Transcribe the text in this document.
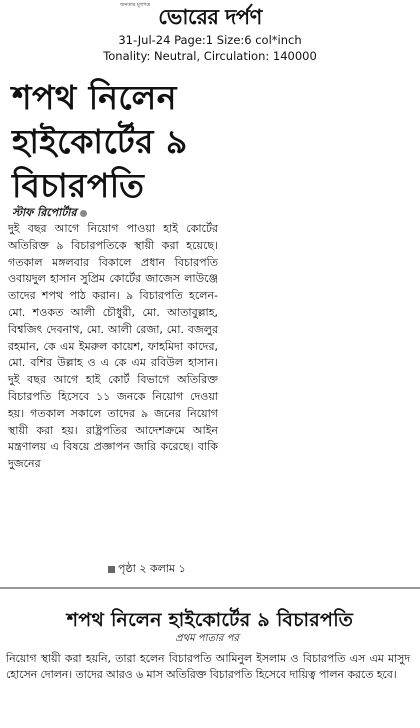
জনতার মুখপত্র ভোরের দর্পণ
31-Jul-24 Page:1 Size:6 col*inch
Tonality: Neutral, Circulation: 140000
শপথ নিলেন
হাইকোর্টের ৯
বিচারপতি
স্টাফ রিপোর্টার

দুই বছর আগে নিয়োগ পাওয়া হাই কোর্টের অতিরিক্ত ৯ বিচারপতিকে স্থায়ী করা হয়েছে। গতকাল মঙ্গলবার বিকালে প্রধান বিচারপতি ওবায়দুল হাসান সুপ্রিম কোর্টের জাজেস লাউঞ্জে তাদের শপথ পাঠ করান। ৯ বিচারপতি হলেন- মো. শওকত আলী চৌধুরী, মো. আতাবুল্লাহ, বিশ্বজিৎ দেবনাথ, মো. আলী রেজা, মো. বজলুর রহমান, কে এম ইমরুল কায়েশ, ফাহমিদা কাদের, মো. বশির উল্লাহ ও এ কে এম রবিউল হাসান। দুই বছর আগে হাই কোর্ট বিভাগে অতিরিক্ত বিচারপতি হিসেবে ১১ জনকে নিয়োগ দেওয়া হয়। গতকাল সকালে তাদের ৯ জনের নিয়োগ স্থায়ী করা হয়। রাষ্ট্রপতির আদেশক্রমে আইন মন্ত্রণালয় এ বিষয়ে প্রজ্ঞাপন জারি করেছে। বাকি দুজনের

পৃষ্ঠা ২ কলাম ১
শপথ নিলেন হাইকোর্টের ৯ বিচারপতি
প্রথম পাতার পর

নিয়োগ স্থায়ী করা হয়নি, তারা হলেন বিচারপতি আমিনুল ইসলাম ও বিচারপতি এস এম মাসুদ হোসেন দোলন। তাদের আরও ৬ মাস অতিরিক্ত বিচারপতি হিসেবে দায়িত্ব পালন করতে হবে।
